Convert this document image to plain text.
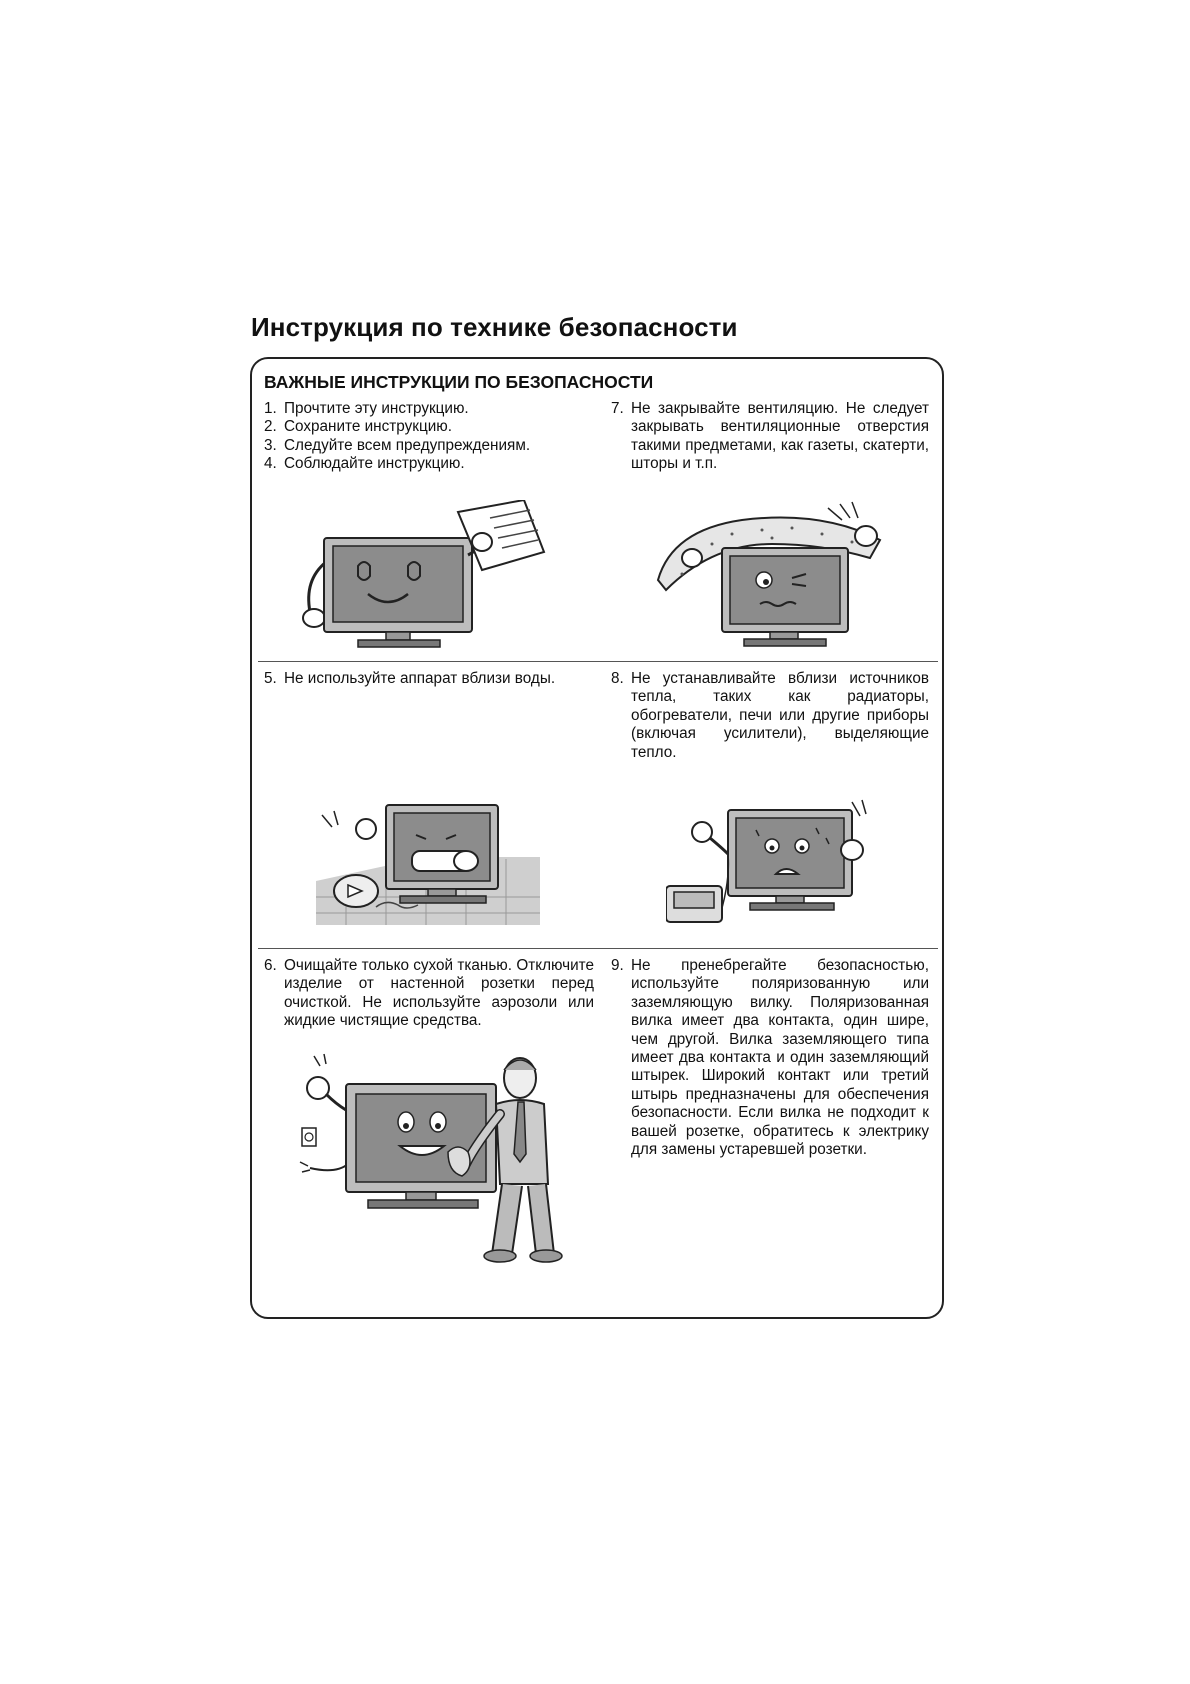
Инструкция по технике безопасности
ВАЖНЫЕ ИНСТРУКЦИИ ПО БЕЗОПАСНОСТИ
1. Прочтите эту инструкцию.
2. Сохраните инструкцию.
3. Следуйте всем предупреждениям.
4. Соблюдайте инструкцию.
7. Не закрывайте вентиляцию. Не следует закрывать вентиляционные отверстия такими предметами, как газеты, скатерти, шторы и т.п.
5. Не используйте аппарат вблизи воды.	8. Не устанавливайте вблизи источников тепла, таких как радиаторы, обогреватели, печи или другие приборы (включая усилители), выделяющие тепло.
6. Очищайте только сухой тканью. Отключите изделие от настенной розетки перед очисткой. Не используйте аэрозоли или жидкие чистящие средства.
9. Не пренебрегайте безопасностью, используйте поляризованную или заземляющую вилку. Поляризованная вилка имеет два контакта, один шире, чем другой. Вилка заземляющего типа имеет два контакта и один заземляющий штырек. Широкий контакт или третий штырь предназначены для обеспечения безопасности. Если вилка не подходит к вашей розетке, обратитесь к электрику для замены устаревшей розетки.
